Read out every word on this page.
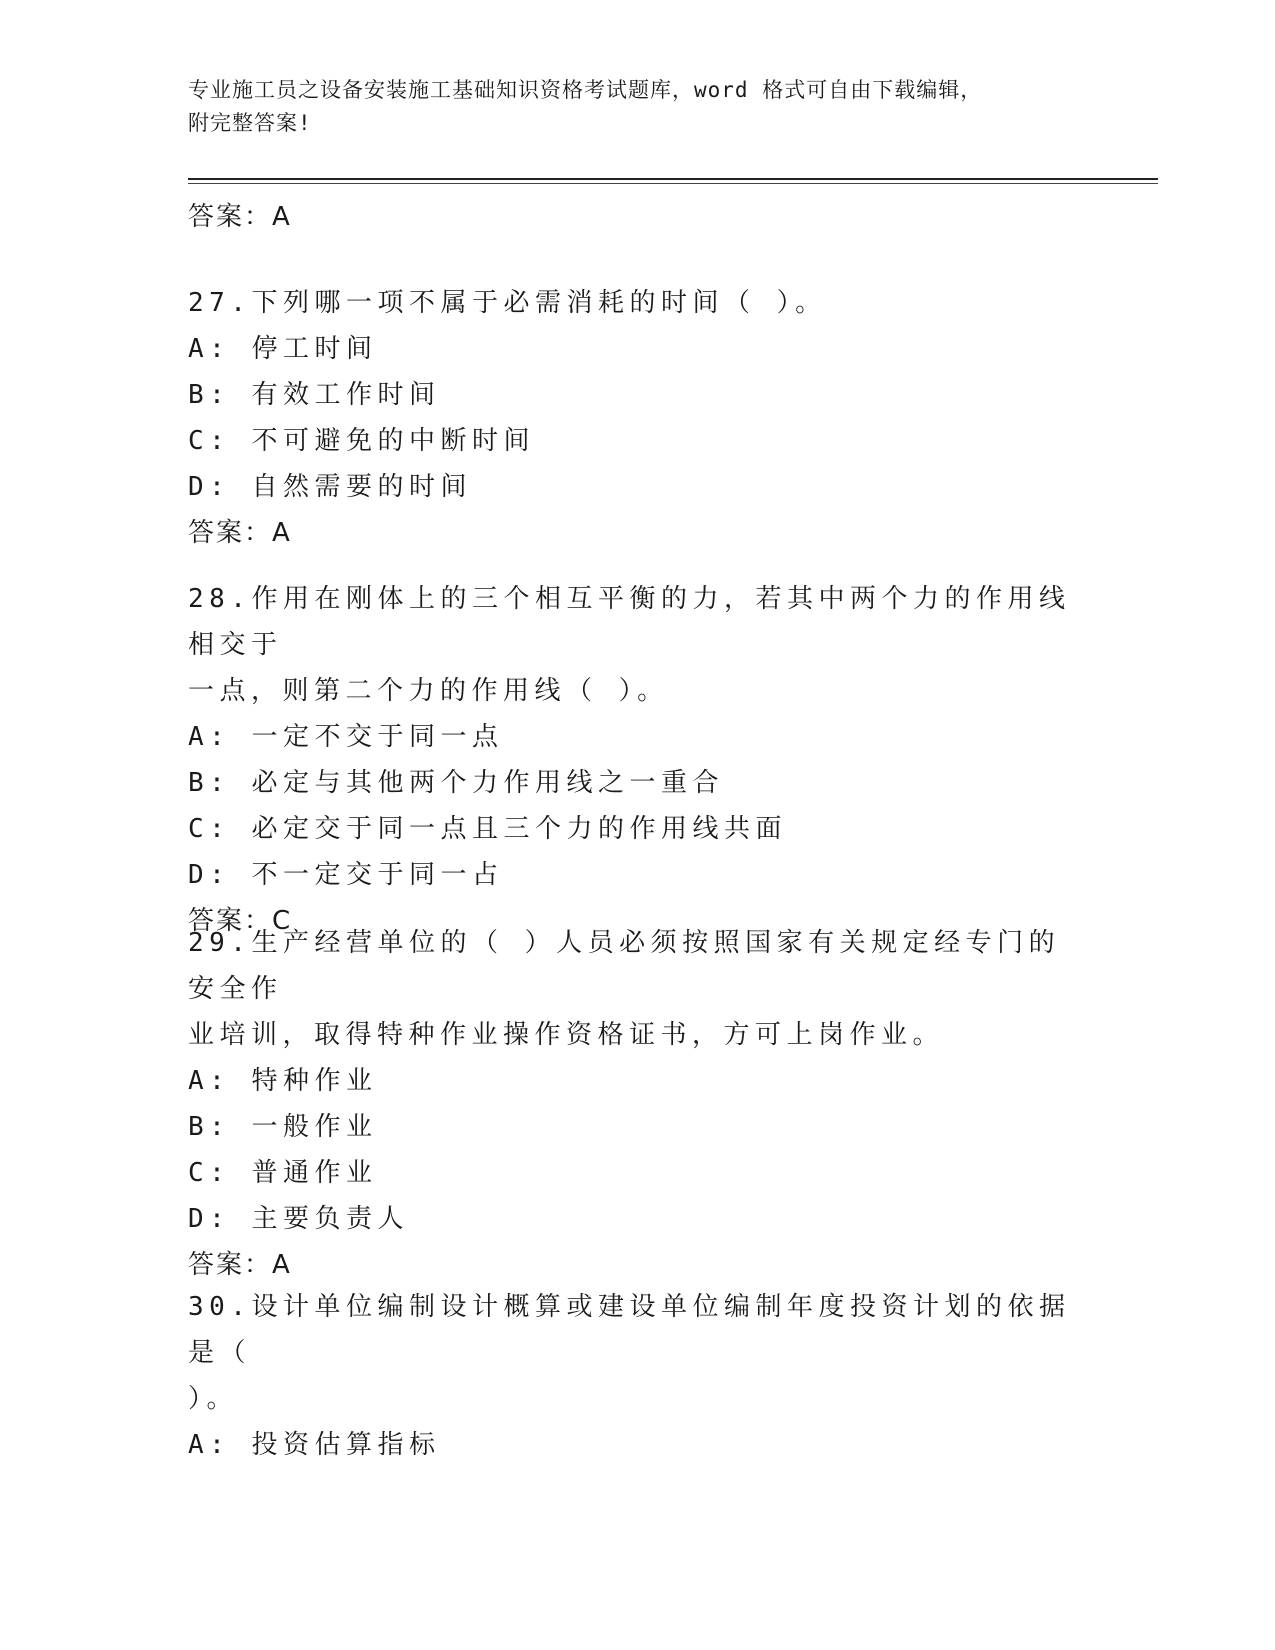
专业施工员之设备安装施工基础知识资格考试题库，word 格式可自由下载编辑，
附完整答案!

答案：A

27.下列哪一项不属于必需消耗的时间（ ）。

A: 停工时间

B: 有效工作时间

C: 不可避免的中断时间

D: 自然需要的时间

答案：A

28.作用在刚体上的三个相互平衡的力，若其中两个力的作用线相交于

一点，则第二个力的作用线（ ）。

A: 一定不交于同一点

B: 必定与其他两个力作用线之一重合

C: 必定交于同一点且三个力的作用线共面

D: 不一定交于同一占

答案：C

29.生产经营单位的（ ）人员必须按照国家有关规定经专门的安全作

业培训，取得特种作业操作资格证书，方可上岗作业。

A: 特种作业

B: 一般作业

C: 普通作业

D: 主要负责人

答案：A

30.设计单位编制设计概算或建设单位编制年度投资计划的依据是（

）。

A: 投资估算指标
